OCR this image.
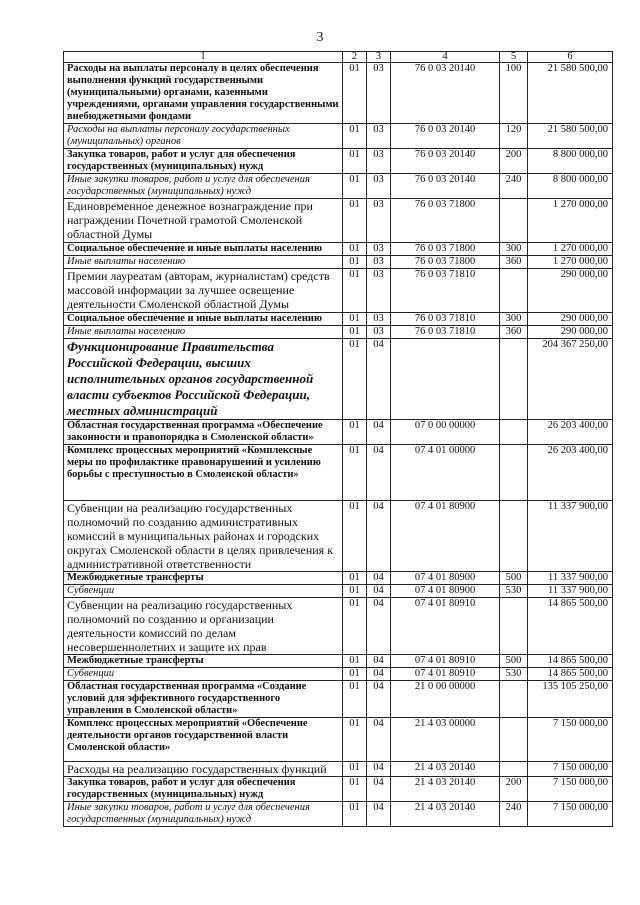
3
1	2	3	4	5	6
Расходы на выплаты персоналу в целях обеспечения выполнения функций государственными (муниципальными) органами, казенными учреждениями, органами управления государственными внебюджетными фондами	01	03	76 0 03 20140	100	21 580 500,00
Расходы на выплаты персоналу государственных (муниципальных) органов	01	03	76 0 03 20140	120	21 580 500,00
Закупка товаров, работ и услуг для обеспечения государственных (муниципальных) нужд	01	03	76 0 03 20140	200	8 800 000,00
Иные закупки товаров, работ и услуг для обеспечения государственных (муниципальных) нужд	01	03	76 0 03 20140	240	8 800 000,00
Единовременное денежное вознаграждение при награждении Почетной грамотой Смоленской областной Думы	01	03	76 0 03 71800		1 270 000,00
Социальное обеспечение и иные выплаты населению	01	03	76 0 03 71800	300	1 270 000,00
Иные выплаты населению	01	03	76 0 03 71800	360	1 270 000,00
Премии лауреатам (авторам, журналистам) средств массовой информации за лучшее освещение деятельности Смоленской областной Думы	01	03	76 0 03 71810		290 000,00
Социальное обеспечение и иные выплаты населению	01	03	76 0 03 71810	300	290 000,00
Иные выплаты населению	01	03	76 0 03 71810	360	290 000,00
Функционирование Правительства Российской Федерации, высших исполнительных органов государственной власти субъектов Российской Федерации, местных администраций	01	04			204 367 250,00
Областная государственная программа «Обеспечение законности и правопорядка в Смоленской области»	01	04	07 0 00 00000		26 203 400,00
Комплекс процессных мероприятий «Комплексные меры по профилактике правонарушений и усилению борьбы с преступностью в Смоленской области»	01	04	07 4 01 00000		26 203 400,00
Субвенции на реализацию государственных полномочий по созданию административных комиссий в муниципальных районах и городских округах Смоленской области в целях привлечения к административной ответственности	01	04	07 4 01 80900		11 337 900,00
Межбюджетные трансферты	01	04	07 4 01 80900	500	11 337 900,00
Субвенции	01	04	07 4 01 80900	530	11 337 900,00
Субвенции на реализацию государственных полномочий по созданию и организации деятельности комиссий по делам несовершеннолетних и защите их прав	01	04	07 4 01 80910		14 865 500,00
Межбюджетные трансферты	01	04	07 4 01 80910	500	14 865 500,00
Субвенции	01	04	07 4 01 80910	530	14 865 500,00
Областная государственная программа «Создание условий для эффективного государственного управления в Смоленской области»	01	04	21 0 00 00000		135 105 250,00
Комплекс процессных мероприятий «Обеспечение деятельности органов государственной власти Смоленской области»	01	04	21 4 03 00000		7 150 000,00
Расходы на реализацию государственных функций	01	04	21 4 03 20140		7 150 000,00
Закупка товаров, работ и услуг для обеспечения государственных (муниципальных) нужд	01	04	21 4 03 20140	200	7 150 000,00
Иные закупки товаров, работ и услуг для обеспечения государственных (муниципальных) нужд	01	04	21 4 03 20140	240	7 150 000,00
